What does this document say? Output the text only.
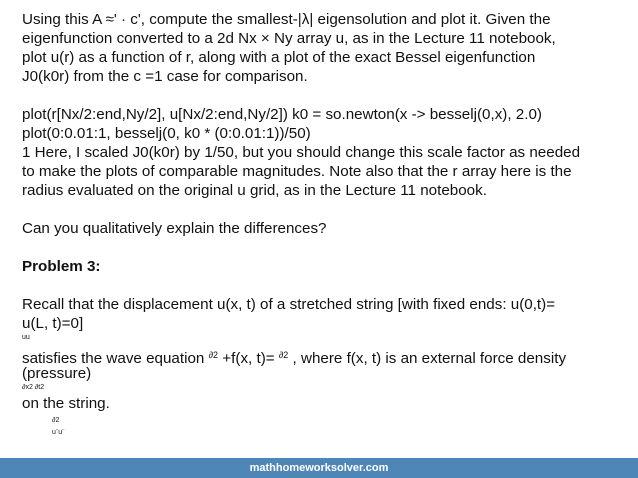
Using this A ≈' · c', compute the smallest-|λ| eigensolution and plot it. Given the
eigenfunction converted to a 2d Nx × Ny array u, as in the Lecture 11 notebook,
plot u(r) as a function of r, along with a plot of the exact Bessel eigenfunction
J0(k0r) from the c =1 case for comparison.
plot(r[Nx/2:end,Ny/2], u[Nx/2:end,Ny/2]) k0 = so.newton(x -> besselj(0,x), 2.0)
plot(0:0.01:1, besselj(0, k0 * (0:0.01:1))/50)
1 Here, I scaled J0(k0r) by 1/50, but you should change this scale factor as needed
to make the plots of comparable magnitudes. Note also that the r array here is the
radius evaluated on the original u grid, as in the Lecture 11 notebook.
Can you qualitatively explain the differences?
Problem 3:
Recall that the displacement u(x, t) of a stretched string [with fixed ends: u(0,t)=
u(L, t)=0]
uu
satisfies the wave equation $^{\partial 2}$ +f(x, t)= $^{\partial 2}$ , where f(x, t) is an external force density
(pressure)
∂x2 ∂t2
on the string.
∂2
u¨u¨
mathhomeworksolver.com
